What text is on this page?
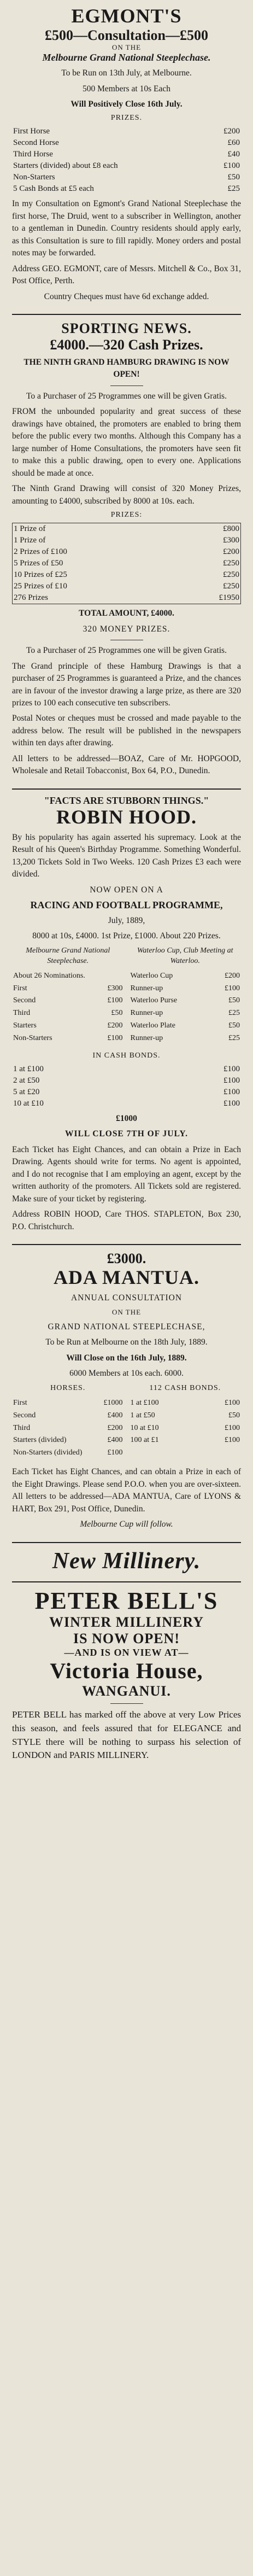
EGMONT'S
£500—Consultation—£500
ON THE
Melbourne Grand National Steeplechase.
To be Run on 13th July, at Melbourne.
500 Members at 10s Each
Will Positively Close 16th July.
PRIZES.
First Horse	£200
Second Horse	£60
Third Horse	£40
Starters (divided) about £8 each	£100
Non-Starters	£50
5 Cash Bonds at £5 each	£25
In my Consultation on Egmont's Grand National Steeplechase the first horse, The Druid, went to a subscriber in Wellington, another to a gentleman in Dunedin. Country residents should apply early, as this Consultation is sure to fill rapidly. Money orders and postal notes may be forwarded.
Address GEO. EGMONT, care of Messrs. Mitchell & Co., Box 31, Post Office, Perth.
Country Cheques must have 6d exchange added.
SPORTING NEWS.
£4000.—320 Cash Prizes.
THE NINTH GRAND HAMBURG DRAWING IS NOW OPEN!
To a Purchaser of 25 Programmes one will be given Gratis.
FROM the unbounded popularity and great success of these drawings have obtained, the promoters are enabled to bring them before the public every two months. Although this Company has a large number of Home Consultations, the promoters have seen fit to make this a public drawing, open to every one. Applications should be made at once.
The Ninth Grand Drawing will consist of 320 Money Prizes, amounting to £4000, subscribed by 8000 at 10s. each.
PRIZES:
1 Prize of	£800
1 Prize of	£300
2 Prizes of £100	£200
5 Prizes of £50	£250
10 Prizes of £25	£250
25 Prizes of £10	£250
276 Prizes	£1950
TOTAL AMOUNT, £4000.
320 MONEY PRIZES.
To a Purchaser of 25 Programmes one will be given Gratis.
The Grand principle of these Hamburg Drawings is that a purchaser of 25 Programmes is guaranteed a Prize, and the chances are in favour of the investor drawing a large prize, as there are 320 prizes to 100 each consecutive ten subscribers.
Postal Notes or cheques must be crossed and made payable to the address below. The result will be published in the newspapers within ten days after drawing.
All letters to be addressed—BOAZ, Care of Mr. HOPGOOD, Wholesale and Retail Tobacconist, Box 64, P.O., Dunedin.
"FACTS ARE STUBBORN THINGS."
ROBIN HOOD.
By his popularity has again asserted his supremacy. Look at the Result of his Queen's Birthday Programme. Something Wonderful. 13,200 Tickets Sold in Two Weeks. 120 Cash Prizes £3 each were divided.
NOW OPEN ON A
RACING AND FOOTBALL PROGRAMME,
July, 1889,
8000 at 10s, £4000. 1st Prize, £1000. About 220 Prizes.
Melbourne Grand National Steeplechase.
About 26 Nominations.	
First	£300
Second	£100
Third	£50
Starters	£200
Non-Starters	£100
Waterloo Cup, Club Meeting at Waterloo.
Waterloo Cup	£200
Runner-up	£100
Waterloo Purse	£50
Runner-up	£25
Waterloo Plate	£50
Runner-up	£25
IN CASH BONDS.
1 at £100	£100
2 at £50	£100
5 at £20	£100
10 at £10	£100
£1000
WILL CLOSE 7TH OF JULY.
Each Ticket has Eight Chances, and can obtain a Prize in Each Drawing. Agents should write for terms. No agent is appointed, and I do not recognise that I am employing an agent, except by the written authority of the promoters. All Tickets sold are registered. Make sure of your ticket by registering.
Address ROBIN HOOD, Care THOS. STAPLETON, Box 230, P.O. Christchurch.
£3000.
ADA MANTUA.
ANNUAL CONSULTATION
ON THE
GRAND NATIONAL STEEPLECHASE,
To be Run at Melbourne on the 18th July, 1889.
Will Close on the 16th July, 1889.
6000 Members at 10s each. 6000.
HORSES.
First	£1000
Second	£400
Third	£200
Starters (divided)	£400
Non-Starters (divided)	£100
112 CASH BONDS.
1 at £100	£100
1 at £50	£50
10 at £10	£100
100 at £1	£100
Each Ticket has Eight Chances, and can obtain a Prize in each of the Eight Drawings. Please send P.O.O. when you are over-sixteen. All letters to be addressed—ADA MANTUA, Care of LYONS & HART, Box 291, Post Office, Dunedin.
Melbourne Cup will follow.
New Millinery.
PETER BELL'S
WINTER MILLINERY
IS NOW OPEN!
—AND IS ON VIEW AT—
Victoria House,
WANGANUI.
PETER BELL has marked off the above at very Low Prices this season, and feels assured that for ELEGANCE and STYLE there will be nothing to surpass his selection of LONDON and PARIS MILLINERY.
